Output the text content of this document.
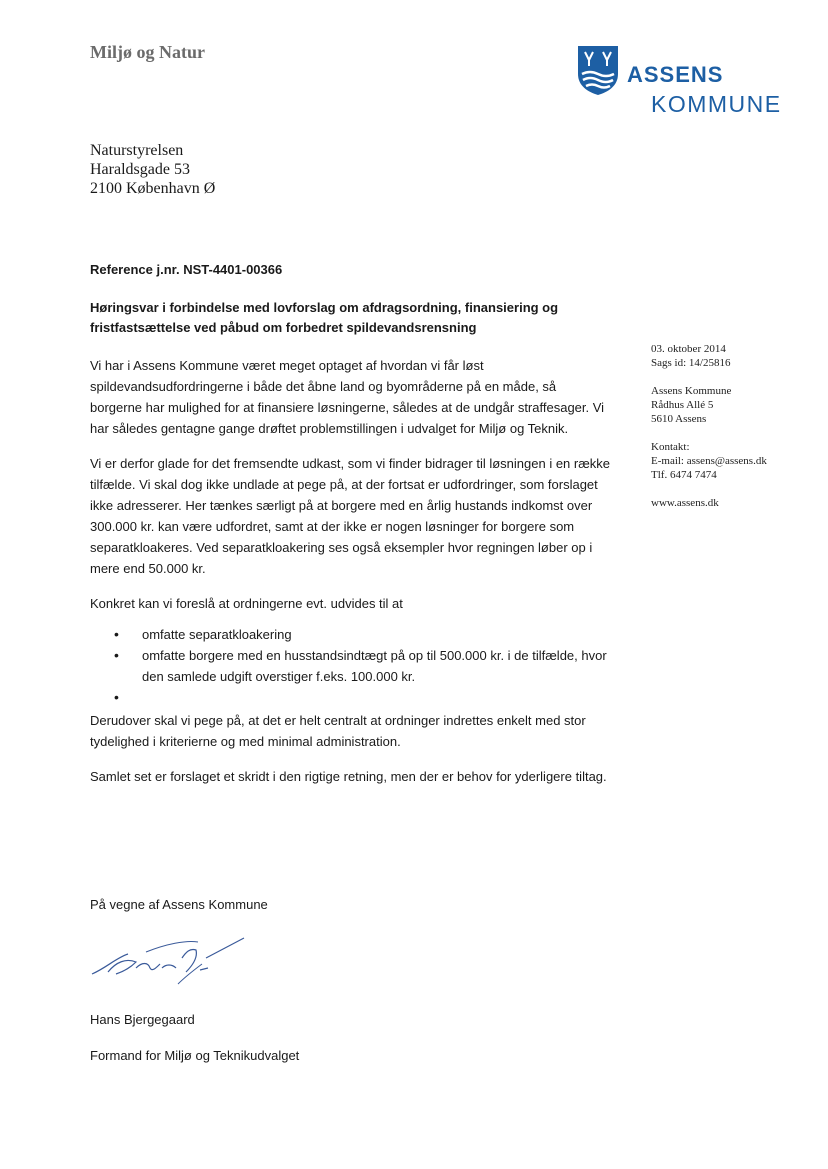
Miljø og Natur
ASSENS
KOMMUNE
Naturstyrelsen
Haraldsgade 53
2100 København Ø
Reference j.nr. NST-4401-00366
Høringsvar i forbindelse med lovforslag om afdragsordning, finansiering og
fristfastsættelse ved påbud om forbedret spildevandsrensning
03. oktober 2014
Sags id: 14/25816
Assens Kommune
Rådhus Allé 5
5610 Assens
Kontakt:
E-mail: assens@assens.dk
Tlf. 6474 7474
www.assens.dk

Vi har i Assens Kommune været meget optaget af hvordan vi får løst spildevandsudfordringerne i både det åbne land og byområderne på en måde, så borgerne har mulighed for at finansiere løsningerne, således at de undgår straffesager. Vi har således gentagne gange drøftet problemstillingen i udvalget for Miljø og Teknik.

Vi er derfor glade for det fremsendte udkast, som vi finder bidrager til løsningen i en række tilfælde. Vi skal dog ikke undlade at pege på, at der fortsat er udfordringer, som forslaget ikke adresserer. Her tænkes særligt på at borgere med en årlig hustands indkomst over 300.000 kr. kan være udfordret, samt at der ikke er nogen løsninger for borgere som separatkloakeres. Ved separatkloakering ses også eksempler hvor regningen løber op i mere end 50.000 kr.

Konkret kan vi foreslå at ordningerne evt. udvides til at

• omfatte separatkloakering
• omfatte borgere med en husstandsindtægt på op til 500.000 kr. i de tilfælde, hvor den samlede udgift overstiger f.eks. 100.000 kr.
•

Derudover skal vi pege på, at det er helt centralt at ordninger indrettes enkelt med stor tydelighed i kriterierne og med minimal administration.

Samlet set er forslaget et skridt i den rigtige retning, men der er behov for yderligere tiltag.

På vegne af Assens Kommune
Hans Bjergegaard
Formand for Miljø og Teknikudvalget
